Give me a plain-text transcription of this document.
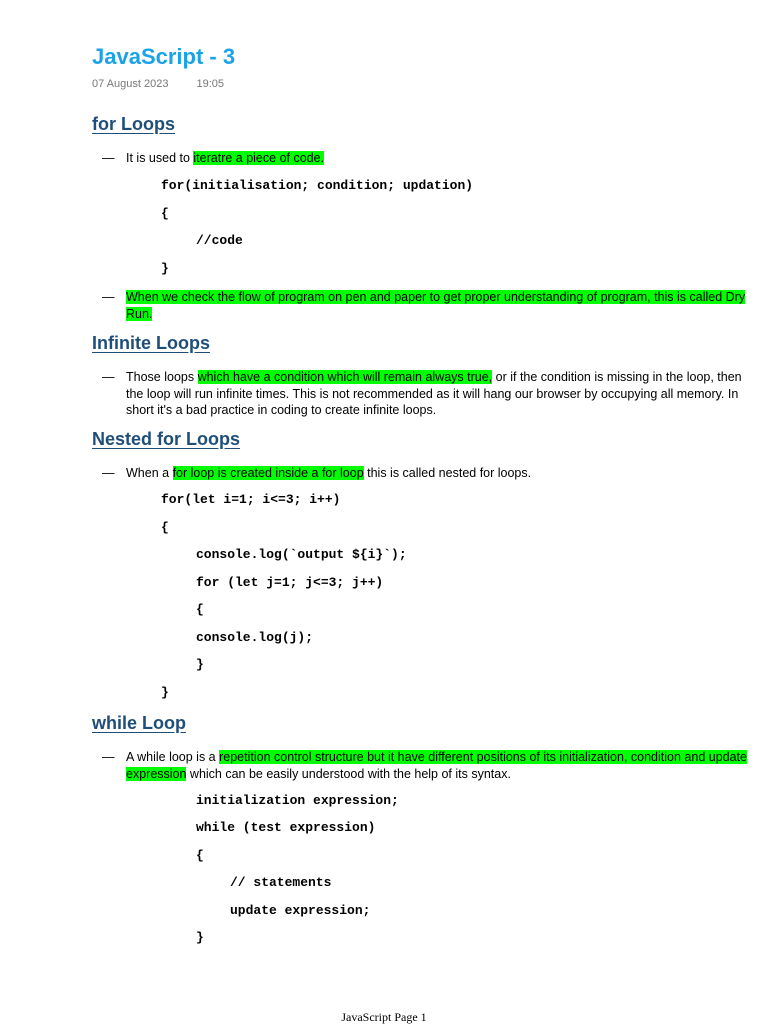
JavaScript - 3
07 August 2023	19:05
for Loops
— It is used to iteratre a piece of code.
for(initialisation; condition; updation)
{
//code
}
— When we check the flow of program on pen and paper to get proper understanding of program, this is called Dry Run.
Infinite Loops
— Those loops which have a condition which will remain always true, or if the condition is missing in the loop, then the loop will run infinite times. This is not recommended as it will hang our browser by occupying all memory. In short it's a bad practice in coding to create infinite loops.
Nested for Loops
— When a for loop is created inside a for loop this is called nested for loops.
for(let i=1; i<=3; i++)
{
console.log(`output ${i}`);
for (let j=1; j<=3; j++)
{
console.log(j);
}
}
while Loop
— A while loop is a repetition control structure but it have different positions of its initialization, condition and update expression which can be easily understood with the help of its syntax.
initialization expression;
while (test expression)
{
// statements
update expression;
}
JavaScript Page 1
